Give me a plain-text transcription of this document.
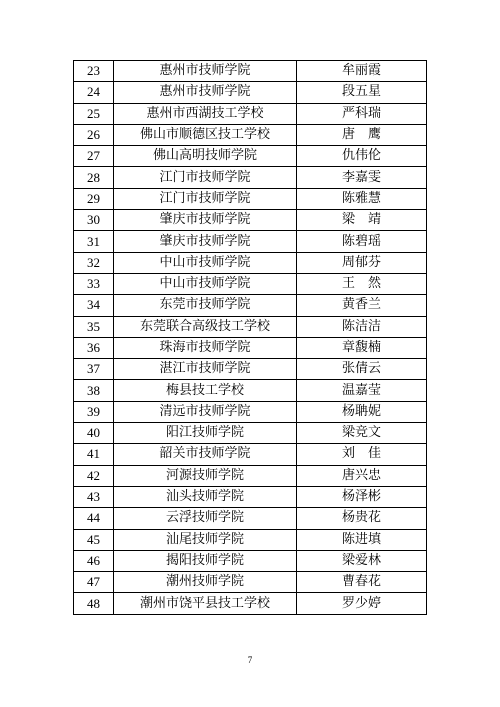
23	惠州市技师学院	牟丽霞
24	惠州市技师学院	段五星
25	惠州市西湖技工学校	严科瑞
26	佛山市顺德区技工学校	唐　鹰
27	佛山高明技师学院	仇伟伦
28	江门市技师学院	李嘉雯
29	江门市技师学院	陈雅慧
30	肇庆市技师学院	梁　靖
31	肇庆市技师学院	陈碧瑶
32	中山市技师学院	周郁芬
33	中山市技师学院	王　然
34	东莞市技师学院	黄香兰
35	东莞联合高级技工学校	陈洁洁
36	珠海市技师学院	章馥楠
37	湛江市技师学院	张倩云
38	梅县技工学校	温嘉莹
39	清远市技师学院	杨聃妮
40	阳江技师学院	梁竞文
41	韶关市技师学院	刘　佳
42	河源技师学院	唐兴忠
43	汕头技师学院	杨泽彬
44	云浮技师学院	杨贵花
45	汕尾技师学院	陈进填
46	揭阳技师学院	梁爱林
47	潮州技师学院	曹春花
48	潮州市饶平县技工学校	罗少婷
7
